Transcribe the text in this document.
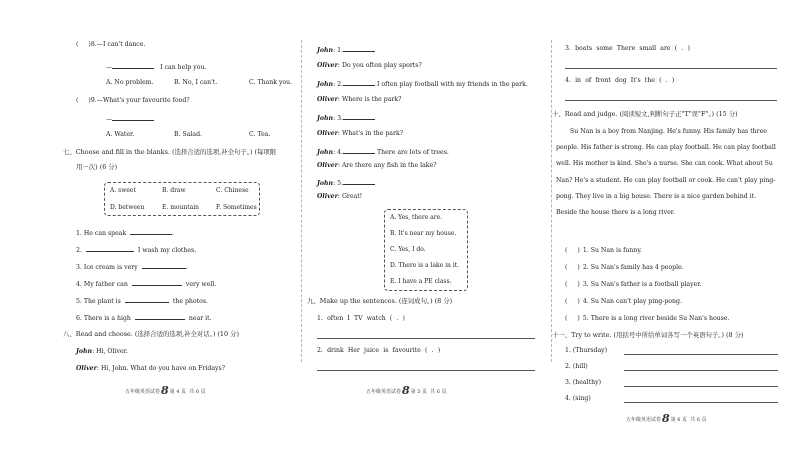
( )8.—I can't dance.
—	I can help you.
A. No problem.	B. No, I can't.	C. Thank you.
( )9.—What's your favourite food?
—
A. Water.	B. Salad.	C. Tea.
七、Choose and fill in the blanks. (选择合适的选项,补全句子。) (每项限
用一次) (6 分)
A. sweet	B. draw	C. Chinese
D. between	E. mountain	F. Sometimes
1. He can speak	.
2.	I wash my clothes.
3. Ice cream is very	.
4. My father can	very well.
5. The plant is	the photos.
6. There is a high	near it.
八、Read and choose. (选择合适的选项,补全对话。) (10 分)
John: Hi, Oliver.
Oliver: Hi, John. What do you have on Fridays?
五年级英语试卷8第 4 页 共 6 页
John: 1.
Oliver: Do you often play sports?
John: 2.	I often play football with my friends in the park.
Oliver: Where is the park?
John: 3.
Oliver: What's in the park?
John: 4.	There are lots of trees.
Oliver: Are there any fish in the lake?
John: 5.
Oliver: Great!
A. Yes, there are.
B. It's near my house.
C. Yes, I do.
D. There is a lake in it.
E. I have a PE class.
九、Make up the sentences. (连词成句。) (8 分)
1. often I TV watch ( . )
2. drink Her juice is favourite ( . )
五年级英语试卷8第 5 页 共 6 页
3. boats some There small are ( . )
4. in of front dog It's the ( . )
十、Read and judge. (阅读短文,判断句子正"T"误"F"。) (15 分)
Su Nan is a boy from Nanjing. He's funny. His family has three people. His father is strong. He can play football. He can play football well. His mother is kind. She's a nurse. She can cook. What about Su Nan? He's a student. He can play football or cook. He can't play ping-pong. They live in a big house. There is a nice garden behind it. Beside the house there is a long river.
( ) 1. Su Nan is funny.
( ) 2. Su Nan's family has 4 people.
( ) 3. Su Nan's father is a football player.
( ) 4. Su Nan can't play ping-pong.
( ) 5. There is a long river beside Su Nan's house.
十一、Try to write. (用括号中所给单词各写一个英语句子。) (8 分)
1. (Thursday)
2. (hill)
3. (healthy)
4. (sing)
五年级英语试卷8第 6 页 共 6 页
